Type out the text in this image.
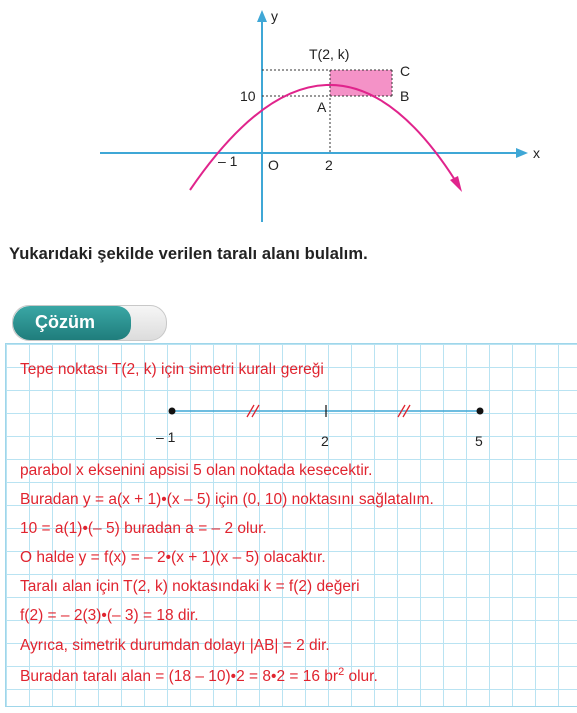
y
x
T(2, k)
C
B
A
10
– 1 O	2
Yukarıdaki şekilde verilen taralı alanı bulalım.
Çözüm
Tepe noktası T(2, k) için simetri kuralı gereği
– 1	2	5
parabol x eksenini apsisi 5 olan noktada kesecektir.
Buradan y = a(x + 1)•(x – 5) için (0, 10) noktasını sağlatalım.
10 = a(1)•(– 5) buradan a = – 2 olur.
O halde y = f(x) = – 2•(x + 1)(x – 5) olacaktır.
Taralı alan için T(2, k) noktasındaki k = f(2) değeri
f(2) = – 2(3)•(– 3) = 18 dir.
Ayrıca, simetrik durumdan dolayı |AB| = 2 dir.
Buradan taralı alan = (18 – 10)•2 = 8•2 = 16 $br^2$ olur.
